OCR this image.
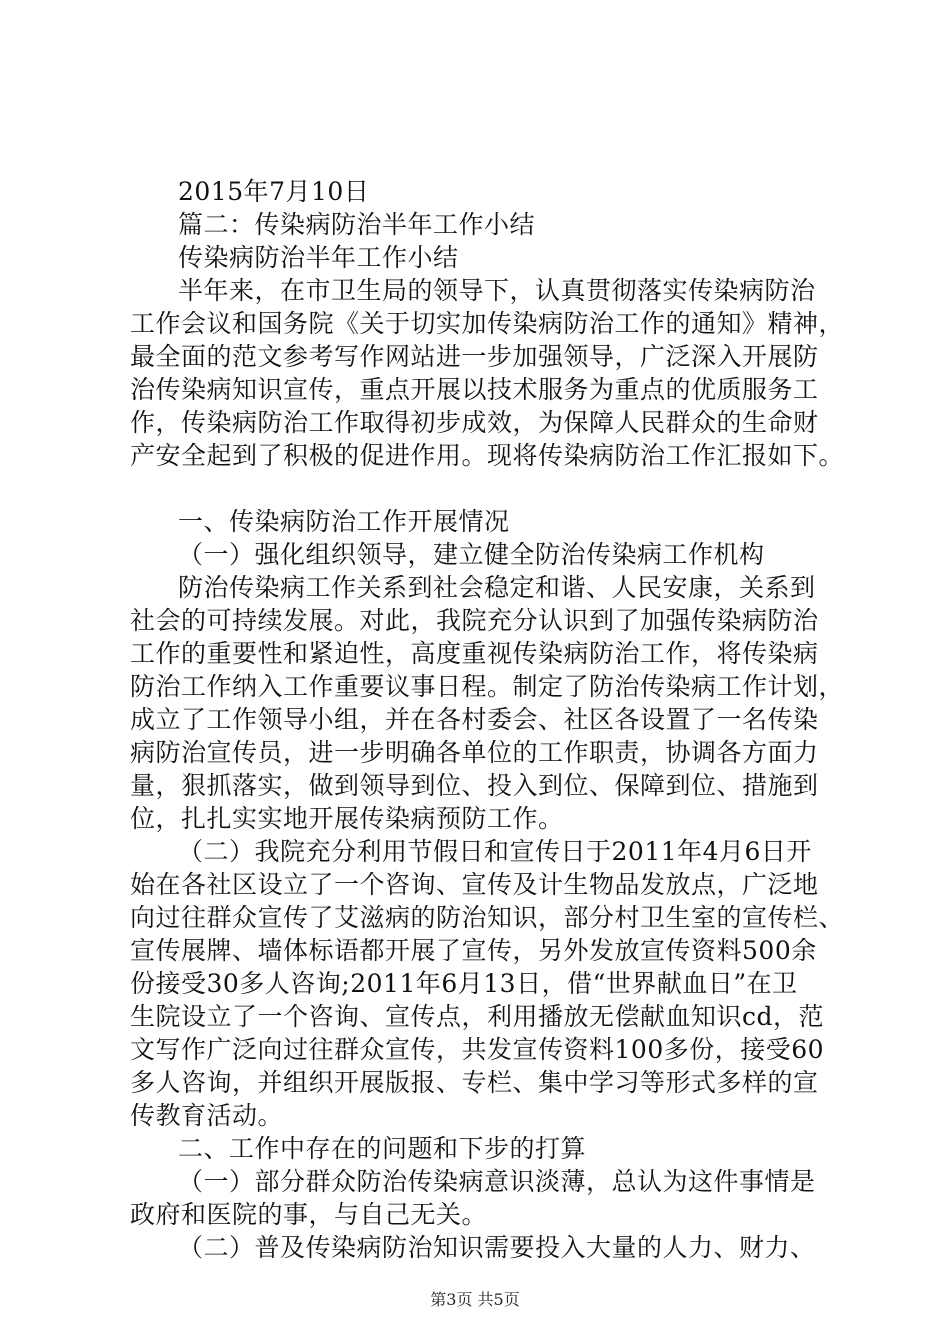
2015年7月10日
篇二：传染病防治半年工作小结
传染病防治半年工作小结
半年来，在市卫生局的领导下，认真贯彻落实传染病防治
工作会议和国务院《关于切实加传染病防治工作的通知》精神，
最全面的范文参考写作网站进一步加强领导，广泛深入开展防
治传染病知识宣传，重点开展以技术服务为重点的优质服务工
作，传染病防治工作取得初步成效，为保障人民群众的生命财
产安全起到了积极的促进作用。现将传染病防治工作汇报如下。
一、传染病防治工作开展情况
（一）强化组织领导，建立健全防治传染病工作机构
防治传染病工作关系到社会稳定和谐、人民安康，关系到
社会的可持续发展。对此，我院充分认识到了加强传染病防治
工作的重要性和紧迫性，高度重视传染病防治工作，将传染病
防治工作纳入工作重要议事日程。制定了防治传染病工作计划，
成立了工作领导小组，并在各村委会、社区各设置了一名传染
病防治宣传员，进一步明确各单位的工作职责，协调各方面力
量，狠抓落实，做到领导到位、投入到位、保障到位、措施到
位，扎扎实实地开展传染病预防工作。
（二）我院充分利用节假日和宣传日于2011年4月6日开
始在各社区设立了一个咨询、宣传及计生物品发放点，广泛地
向过往群众宣传了艾滋病的防治知识，部分村卫生室的宣传栏、
宣传展牌、墙体标语都开展了宣传，另外发放宣传资料500余
份接受30多人咨询;2011年6月13日，借“世界献血日”在卫
生院设立了一个咨询、宣传点，利用播放无偿献血知识cd，范
文写作广泛向过往群众宣传，共发宣传资料100多份，接受60
多人咨询，并组织开展版报、专栏、集中学习等形式多样的宣
传教育活动。
二、工作中存在的问题和下步的打算
（一）部分群众防治传染病意识淡薄，总认为这件事情是
政府和医院的事，与自己无关。
（二）普及传染病防治知识需要投入大量的人力、财力、
第3页 共5页
